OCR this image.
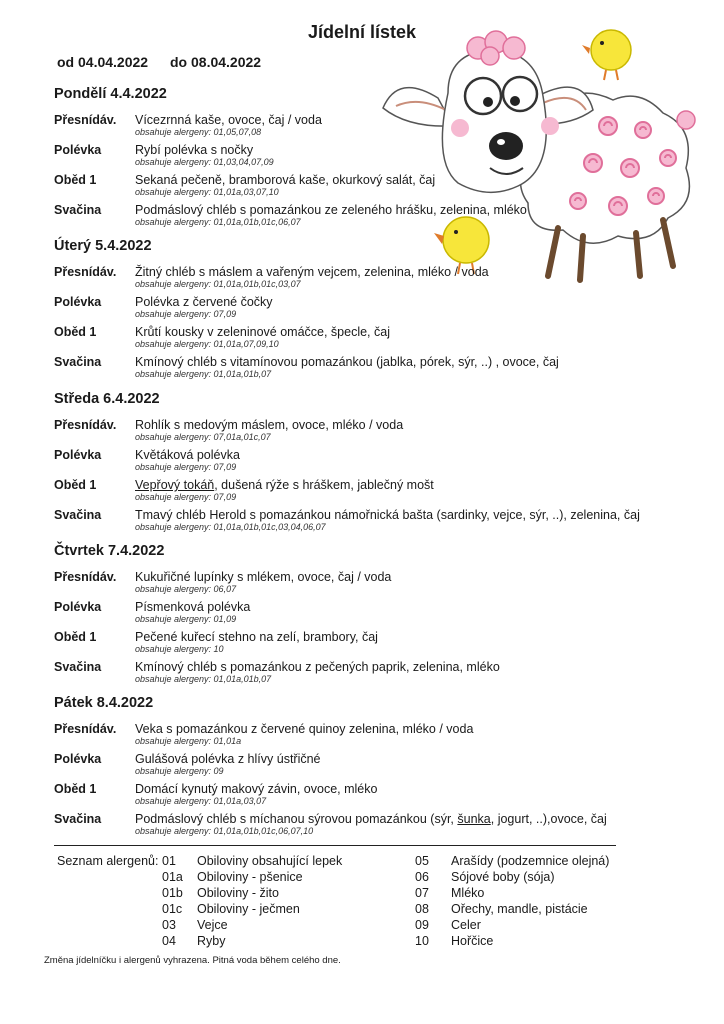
Jídelní lístek
od 04.04.2022 do 08.04.2022
Pondělí 4.4.2022
Přesnídáv. Vícezrnná kaše, ovoce, čaj / voda
obsahuje alergeny: 01,05,07,08
Polévka	Rybí polévka s nočky
obsahuje alergeny: 01,03,04,07,09
Oběd 1	Sekaná pečeně, bramborová kaše, okurkový salát, čaj
obsahuje alergeny: 01,01a,03,07,10
Svačina	Podmáslový chléb s pomazánkou ze zeleného hrášku, zelenina, mléko
obsahuje alergeny: 01,01a,01b,01c,06,07
Úterý 5.4.2022
Přesnídáv. Žitný chléb s máslem a vařeným vejcem, zelenina, mléko / voda
obsahuje alergeny: 01,01a,01b,01c,03,07
Polévka	Polévka z červené čočky
obsahuje alergeny: 07,09
Oběd 1	Krůtí kousky v zeleninové omáčce, špecle, čaj
obsahuje alergeny: 01,01a,07,09,10
Svačina	Kmínový chléb s vitamínovou pomazánkou (jablka, pórek, sýr, ..) , ovoce, čaj
obsahuje alergeny: 01,01a,01b,07
Středa 6.4.2022
Přesnídáv. Rohlík s medovým máslem, ovoce, mléko / voda
obsahuje alergeny: 07,01a,01c,07
Polévka	Květáková polévka
obsahuje alergeny: 07,09
Oběd 1	Vepřový tokáň, dušená rýže s hráškem, jablečný mošt
obsahuje alergeny: 07,09
Svačina	Tmavý chléb Herold s pomazánkou námořnická bašta (sardinky, vejce, sýr, ..), zelenina, čaj
obsahuje alergeny: 01,01a,01b,01c,03,04,06,07
Čtvrtek 7.4.2022
Přesnídáv. Kukuřičné lupínky s mlékem, ovoce, čaj / voda
obsahuje alergeny: 06,07
Polévka	Písmenková polévka
obsahuje alergeny: 01,09
Oběd 1	Pečené kuřecí stehno na zelí, brambory, čaj
obsahuje alergeny: 10
Svačina	Kmínový chléb s pomazánkou z pečených paprik, zelenina, mléko
obsahuje alergeny: 01,01a,01b,07
Pátek 8.4.2022
Přesnídáv. Veka s pomazánkou z červené quinoy zelenina, mléko / voda
obsahuje alergeny: 01,01a
Polévka	Gulášová polévka z hlívy ústřičné
obsahuje alergeny: 09
Oběd 1	Domácí kynutý makový závin, ovoce, mléko
obsahuje alergeny: 01,01a,03,07
Svačina	Podmáslový chléb s míchanou sýrovou pomazánkou (sýr, šunka, jogurt, ..),ovoce, čaj
obsahuje alergeny: 01,01a,01b,01c,06,07,10
Seznam alergenů: 01 Obiloviny obsahující lepek
01a Obiloviny - pšenice
01b Obiloviny - žito
01c Obiloviny - ječmen
03 Vejce
04 Ryby
05 Arašídy (podzemnice olejná)
06 Sójové boby (sója)
07 Mléko
08 Ořechy, mandle, pistácie
09 Celer
10 Hořčice
Změna jídelníčku i alergenů vyhrazena. Pitná voda během celého dne.
